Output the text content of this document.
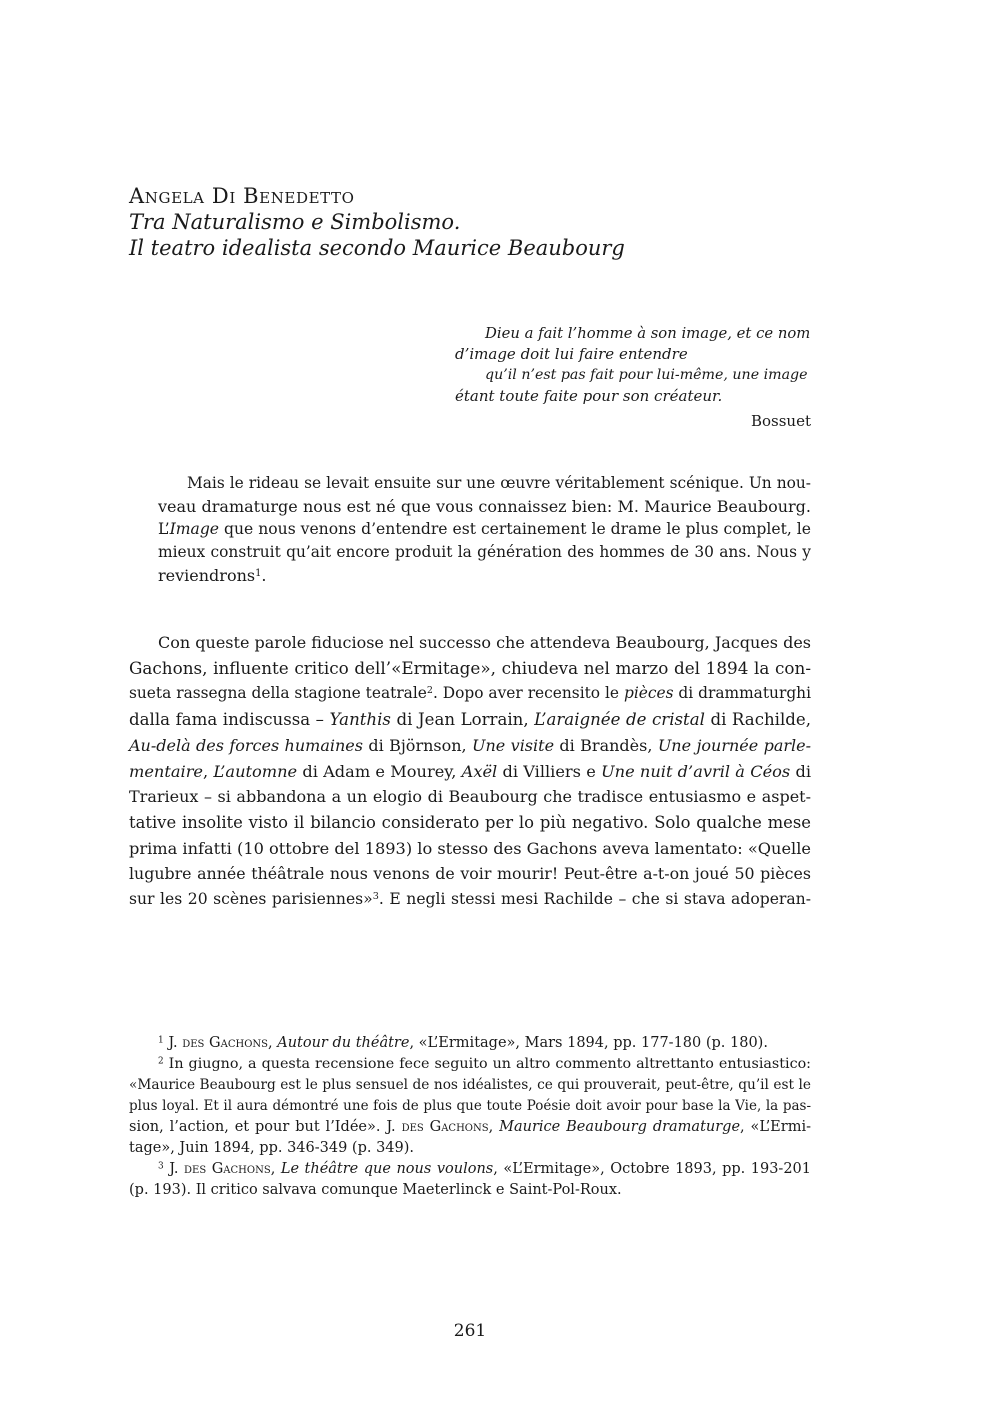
Angela Di Benedetto
Tra Naturalismo e Simbolismo.
Il teatro idealista secondo Maurice Beaubourg
Dieu a fait l’homme à son image, et ce nom
d’image doit lui faire entendre
qu’il n’est pas fait pour lui-même, une image
étant toute faite pour son créateur.
Bossuet
Mais le rideau se levait ensuite sur une œuvre véritablement scénique. Un nou-
veau dramaturge nous est né que vous connaissez bien: M. Maurice Beaubourg.
L’Image que nous venons d’entendre est certainement le drame le plus complet, le
mieux construit qu’ait encore produit la génération des hommes de 30 ans. Nous y
reviendrons$^1$.
Con queste parole fiduciose nel successo che attendeva Beaubourg, Jacques des
Gachons, influente critico dell’«Ermitage», chiudeva nel marzo del 1894 la con-
sueta rassegna della stagione teatrale$^2$. Dopo aver recensito le pièces di drammaturghi
dalla fama indiscussa – Yanthis di Jean Lorrain, L’araignée de cristal di Rachilde,
Au-delà des forces humaines di Björnson, Une visite di Brandès, Une journée parle-
mentaire, L’automne di Adam e Mourey, Axël di Villiers e Une nuit d’avril à Céos di
Trarieux – si abbandona a un elogio di Beaubourg che tradisce entusiasmo e aspet-
tative insolite visto il bilancio considerato per lo più negativo. Solo qualche mese
prima infatti (10 ottobre del 1893) lo stesso des Gachons aveva lamentato: «Quelle
lugubre année théâtrale nous venons de voir mourir! Peut-être a-t-on joué 50 pièces
sur les 20 scènes parisiennes»$^3$. E negli stessi mesi Rachilde – che si stava adoperan-
$^1$ J. des Gachons, Autour du théâtre, «L’Ermitage», Mars 1894, pp. 177-180 (p. 180).
$^2$ In giugno, a questa recensione fece seguito un altro commento altrettanto entusiastico:
«Maurice Beaubourg est le plus sensuel de nos idéalistes, ce qui prouverait, peut-être, qu’il est le
plus loyal. Et il aura démontré une fois de plus que toute Poésie doit avoir pour base la Vie, la pas-
sion, l’action, et pour but l’Idée». J. des Gachons, Maurice Beaubourg dramaturge, «L’Ermi-
tage», Juin 1894, pp. 346-349 (p. 349).
$^3$ J. des Gachons, Le théâtre que nous voulons, «L’Ermitage», Octobre 1893, pp. 193-201
(p. 193). Il critico salvava comunque Maeterlinck e Saint-Pol-Roux.
261
